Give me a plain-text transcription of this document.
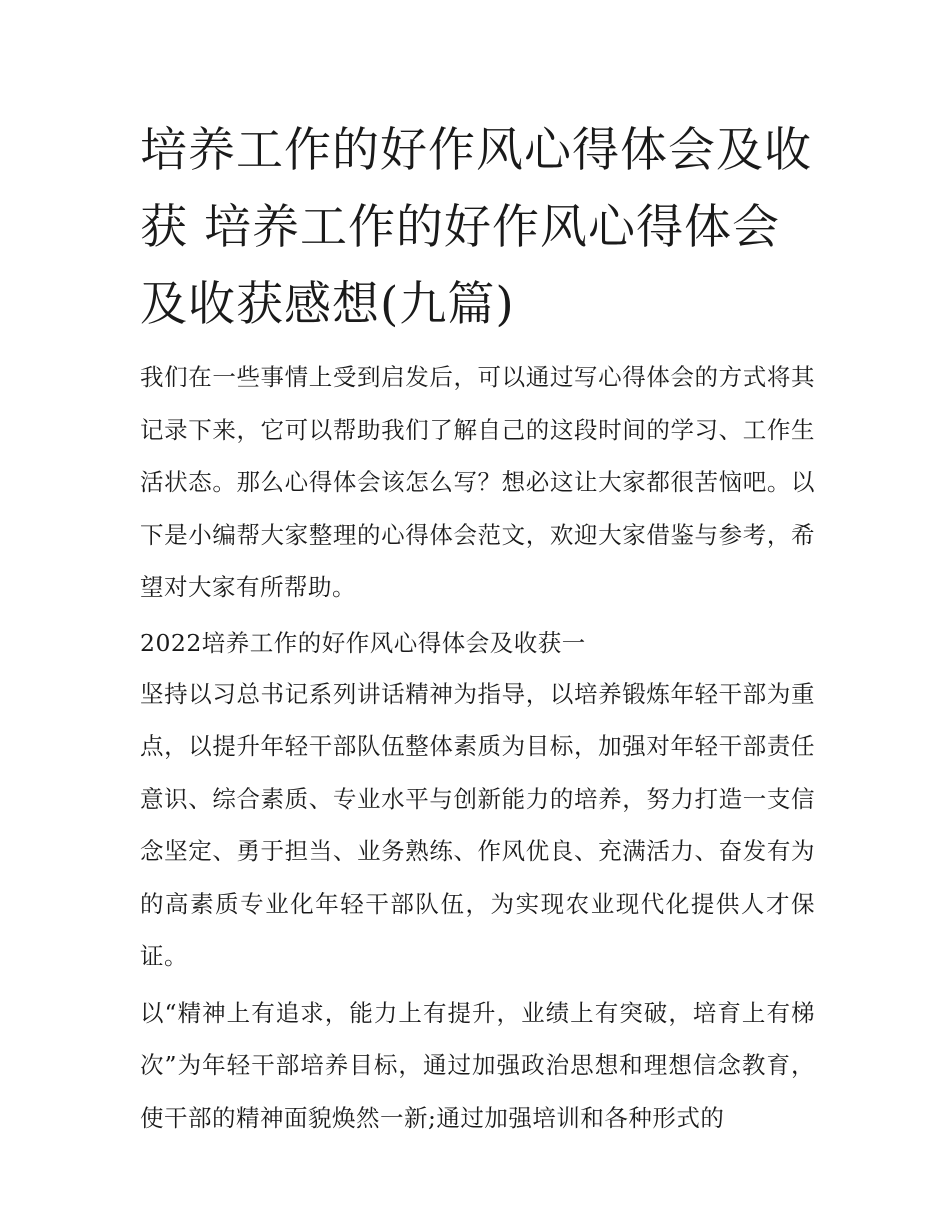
培养工作的好作风心得体会及收获 培养工作的好作风心得体会及收获感想(九篇)

我们在一些事情上受到启发后，可以通过写心得体会的方式将其记录下来，它可以帮助我们了解自己的这段时间的学习、工作生活状态。那么心得体会该怎么写？想必这让大家都很苦恼吧。以下是小编帮大家整理的心得体会范文，欢迎大家借鉴与参考，希望对大家有所帮助。

2022培养工作的好作风心得体会及收获一

坚持以习总书记系列讲话精神为指导，以培养锻炼年轻干部为重点，以提升年轻干部队伍整体素质为目标，加强对年轻干部责任意识、综合素质、专业水平与创新能力的培养，努力打造一支信念坚定、勇于担当、业务熟练、作风优良、充满活力、奋发有为的高素质专业化年轻干部队伍，为实现农业现代化提供人才保证。

以“精神上有追求，能力上有提升，业绩上有突破，培育上有梯次”为年轻干部培养目标，通过加强政治思想和理想信念教育，使干部的精神面貌焕然一新;通过加强培训和各种形式的
